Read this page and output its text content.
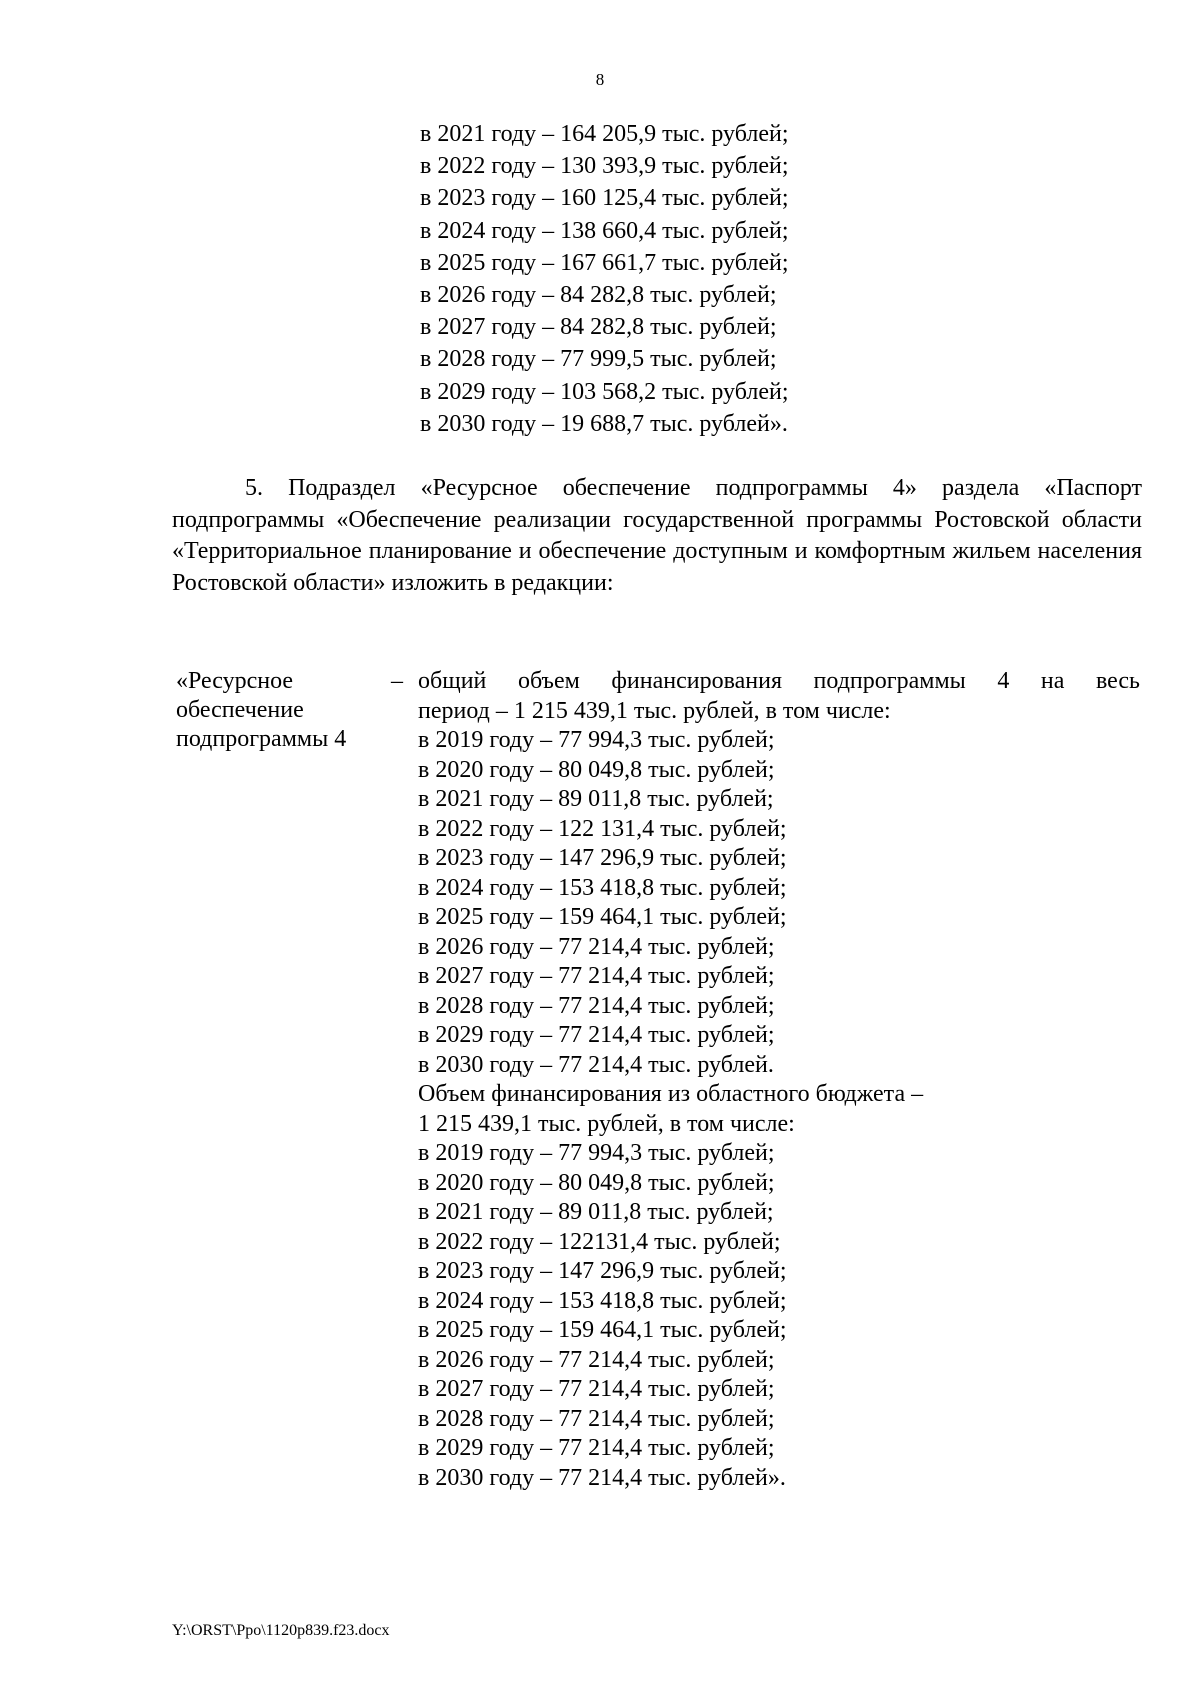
8
в 2021 году – 164 205,9 тыс. рублей;
в 2022 году – 130 393,9 тыс. рублей;
в 2023 году – 160 125,4 тыс. рублей;
в 2024 году – 138 660,4 тыс. рублей;
в 2025 году – 167 661,7 тыс. рублей;
в 2026 году – 84 282,8 тыс. рублей;
в 2027 году – 84 282,8 тыс. рублей;
в 2028 году – 77 999,5 тыс. рублей;
в 2029 году – 103 568,2 тыс. рублей;
в 2030 году – 19 688,7 тыс. рублей».
5. Подраздел «Ресурсное обеспечение подпрограммы 4» раздела «Паспорт подпрограммы «Обеспечение реализации государственной программы Ростовской области «Территориальное планирование и обеспечение доступным и комфортным жильем населения Ростовской области» изложить в редакции:
«Ресурсное
обеспечение
подпрограммы 4
– общий объем финансирования подпрограммы 4 на весь
период – 1 215 439,1 тыс. рублей, в том числе:
в 2019 году – 77 994,3 тыс. рублей;
в 2020 году – 80 049,8 тыс. рублей;
в 2021 году – 89 011,8 тыс. рублей;
в 2022 году – 122 131,4 тыс. рублей;
в 2023 году – 147 296,9 тыс. рублей;
в 2024 году – 153 418,8 тыс. рублей;
в 2025 году – 159 464,1 тыс. рублей;
в 2026 году – 77 214,4 тыс. рублей;
в 2027 году – 77 214,4 тыс. рублей;
в 2028 году – 77 214,4 тыс. рублей;
в 2029 году – 77 214,4 тыс. рублей;
в 2030 году – 77 214,4 тыс. рублей.
Объем финансирования из областного бюджета –
1 215 439,1 тыс. рублей, в том числе:
в 2019 году – 77 994,3 тыс. рублей;
в 2020 году – 80 049,8 тыс. рублей;
в 2021 году – 89 011,8 тыс. рублей;
в 2022 году – 122131,4 тыс. рублей;
в 2023 году – 147 296,9 тыс. рублей;
в 2024 году – 153 418,8 тыс. рублей;
в 2025 году – 159 464,1 тыс. рублей;
в 2026 году – 77 214,4 тыс. рублей;
в 2027 году – 77 214,4 тыс. рублей;
в 2028 году – 77 214,4 тыс. рублей;
в 2029 году – 77 214,4 тыс. рублей;
в 2030 году – 77 214,4 тыс. рублей».
Y:\ORST\Ppo\1120p839.f23.docx
